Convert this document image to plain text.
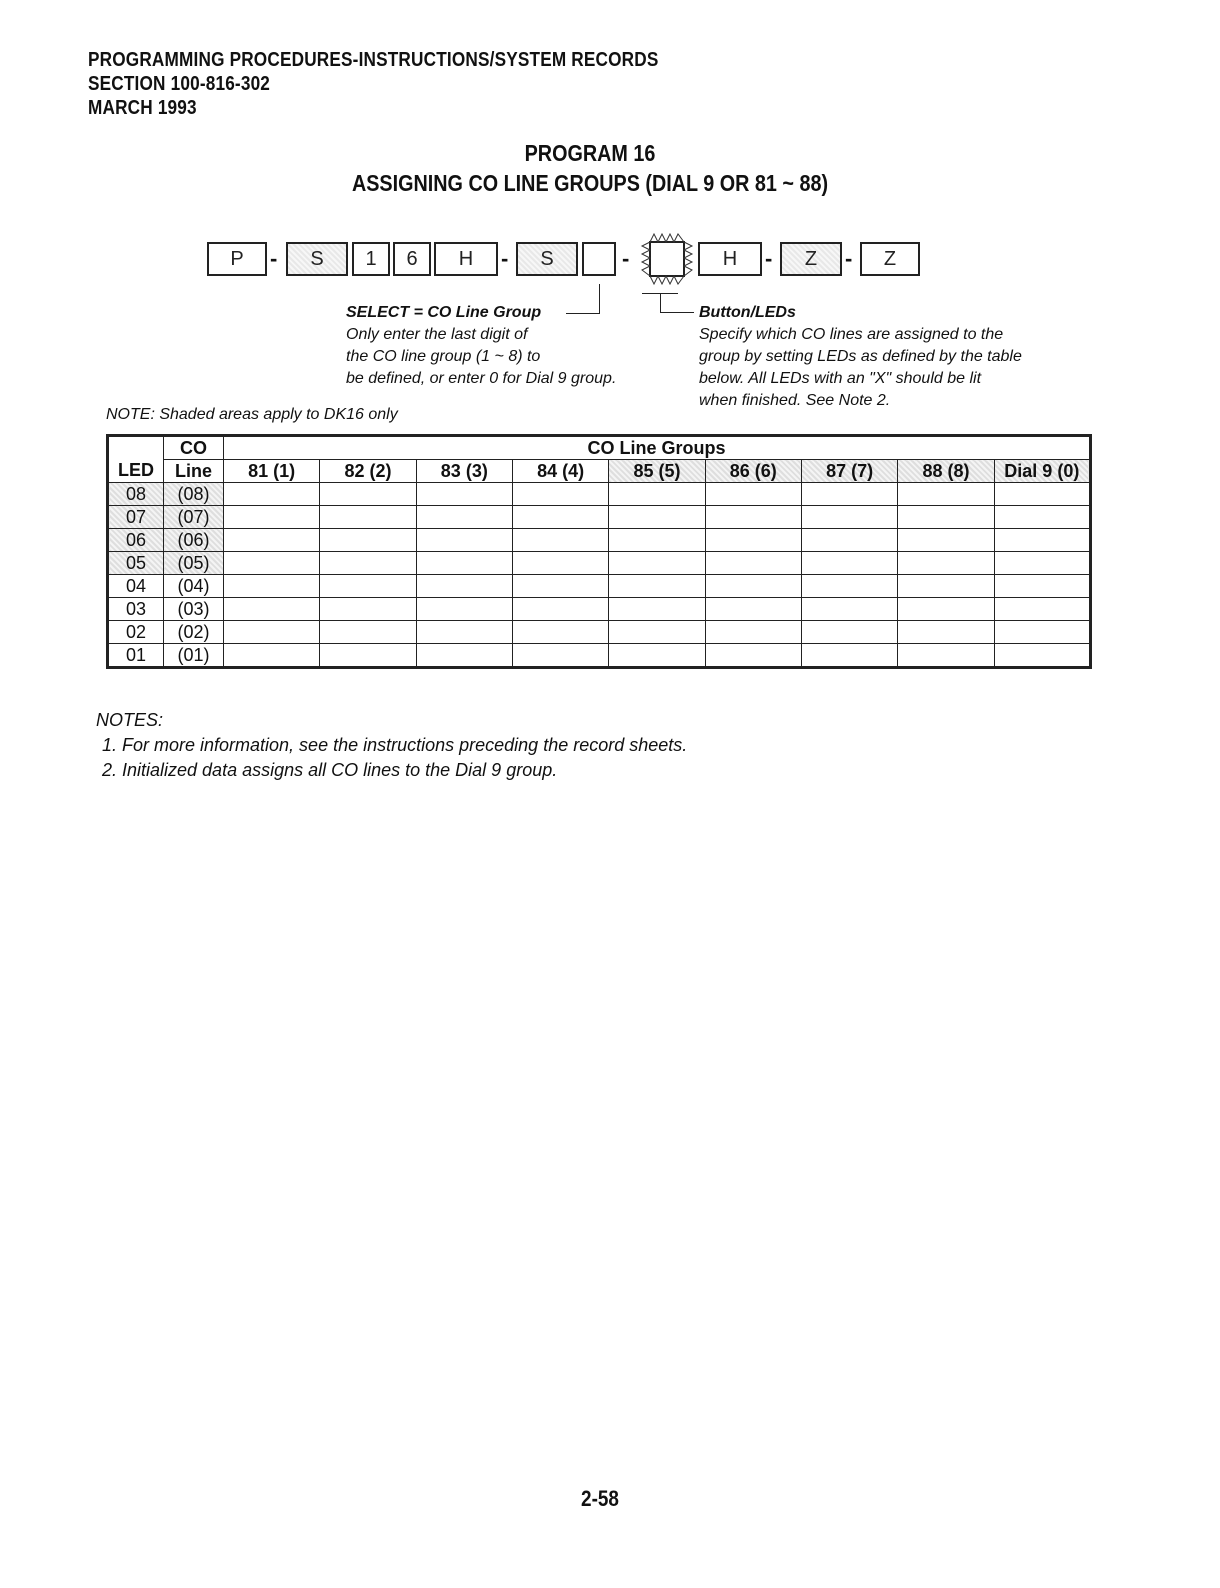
PROGRAMMING PROCEDURES-INSTRUCTIONS/SYSTEM RECORDS
SECTION 100-816-302
MARCH 1993
PROGRAM 16
ASSIGNING CO LINE GROUPS (DIAL 9 OR 81 ~ 88)
P	-	S	1	6	H	-	S	-	H	-	Z	-	Z
SELECT = CO Line Group
Only enter the last digit of
the CO line group (1 ~ 8) to
be defined, or enter 0 for Dial 9 group.
Button/LEDs
Specify which CO lines are assigned to the
group by setting LEDs as defined by the table
below. All LEDs with an "X" should be lit
when finished. See Note 2.
NOTE: Shaded areas apply to DK16 only
	CO	CO Line Groups								
LED	Line	81 (1)	82 (2)	83 (3)	84 (4)	85 (5)	86 (6)	87 (7)	88 (8)	Dial 9 (0)
08	(08)									
07	(07)									
06	(06)									
05	(05)									
04	(04)									
03	(03)									
02	(02)									
01	(01)									
NOTES:
1. For more information, see the instructions preceding the record sheets.
2. Initialized data assigns all CO lines to the Dial 9 group.
2-58
